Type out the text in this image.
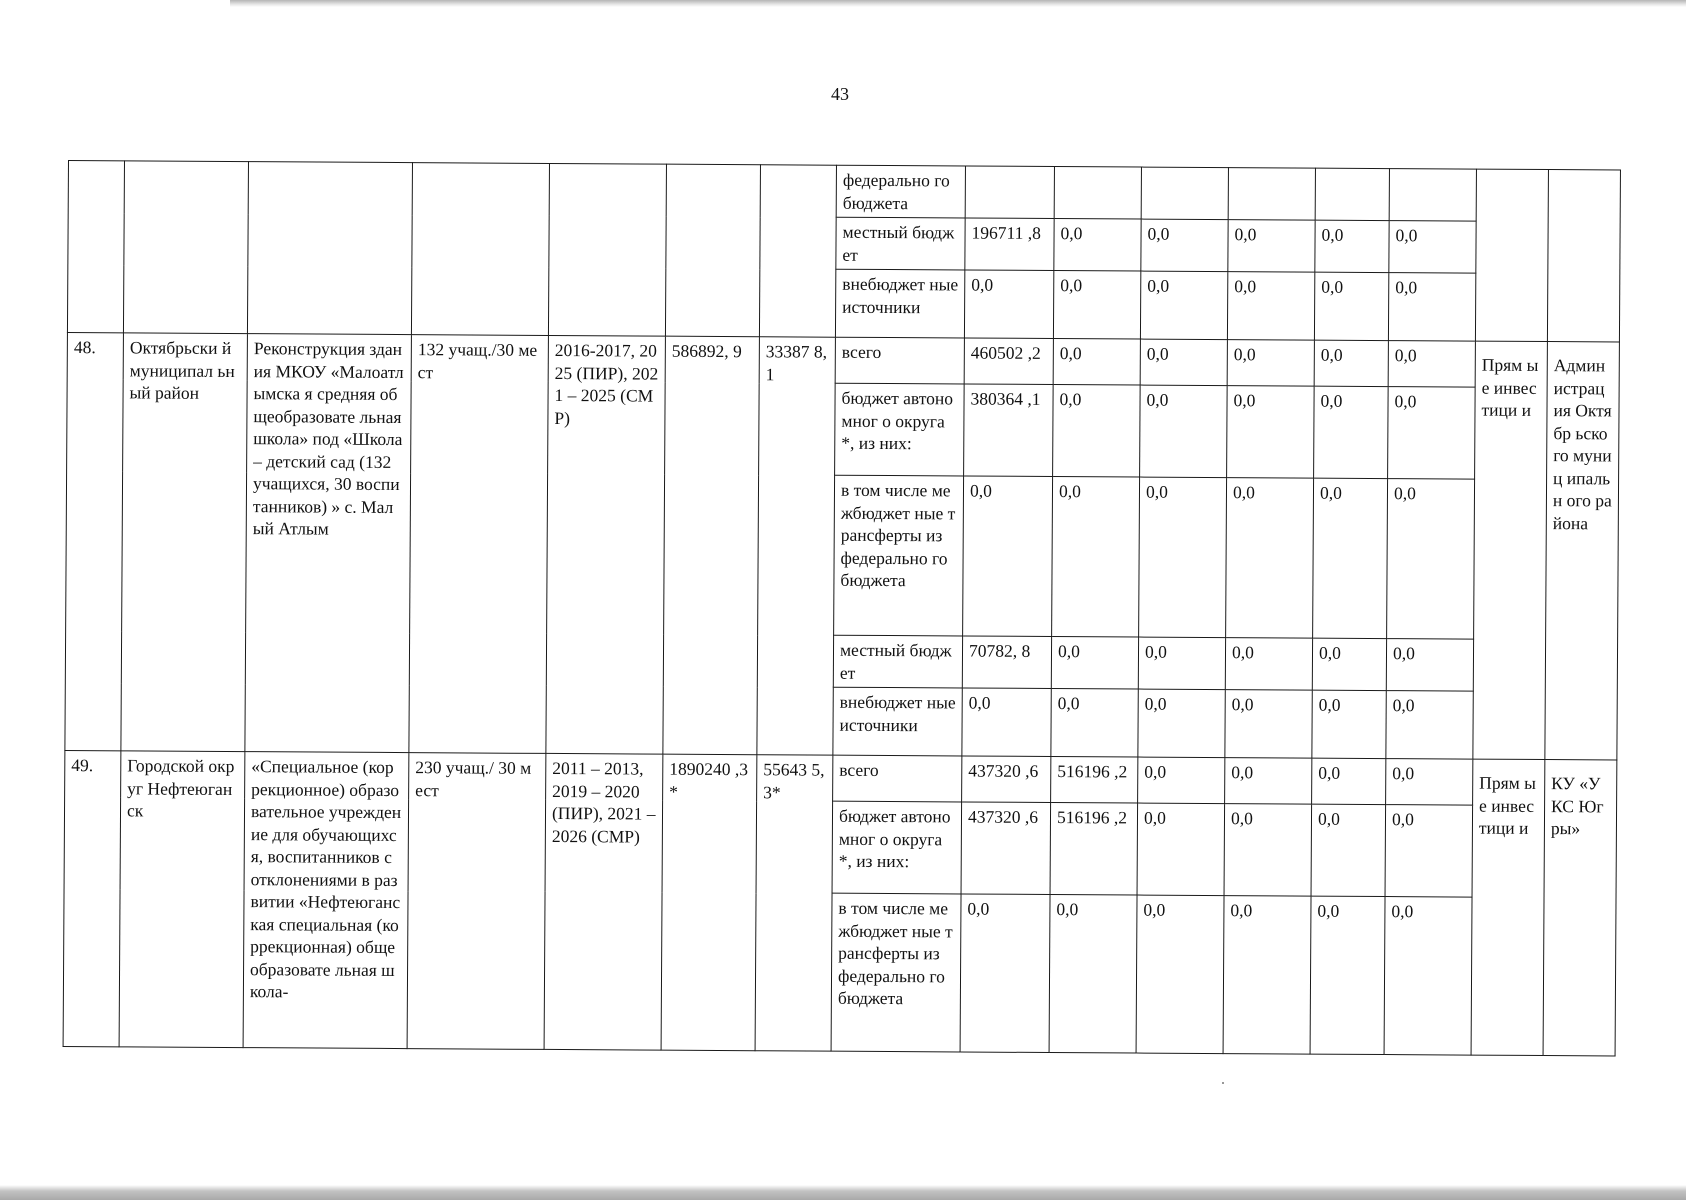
43
							федерально го бюджета								
							местный бюджет	196711 ,8	0,0	0,0	0,0	0,0	0,0		
							внебюджет ные источники	0,0	0,0	0,0	0,0	0,0	0,0		
48.	Октябрьски й муниципал ьный район	Реконструкция здания МКОУ «Малоатлымска я средняя общеобразовате льная школа» под «Школа – детский сад (132 учащихся, 30 воспитанников) » с. Малый Атлым	132 учащ./30 мест	2016-2017, 2025 (ПИР), 2021 – 2025 (СМР)	586892, 9	33387 8,1	всего	460502 ,2	0,0	0,0	0,0	0,0	0,0	Прям ые инвес тици и	Админ истрац ия Октябр ьского муниц ипальн ого района
							бюджет автономног о округа*, из них:	380364 ,1	0,0	0,0	0,0	0,0	0,0		
							в том числе межбюджет ные трансферты из федерально го бюджета	0,0	0,0	0,0	0,0	0,0	0,0		
							местный бюджет	70782, 8	0,0	0,0	0,0	0,0	0,0		
							внебюджет ные источники	0,0	0,0	0,0	0,0	0,0	0,0		
49.	Городской округ Нефтеюган ск	«Специальное (коррекционное) образовательное учреждение для обучающихся, воспитанников с отклонениями в развитии «Нефтеюганская специальная (коррекционная) общеобразовате льная школа-	230 учащ./ 30 мест	2011 – 2013, 2019 – 2020 (ПИР), 2021 – 2026 (СМР)	1890240 ,3*	55643 5,3*	всего	437320 ,6	516196 ,2	0,0	0,0	0,0	0,0	Прям ые инвес тици и	КУ «УКС Югры»
							бюджет автономног о округа*, из них:	437320 ,6	516196 ,2	0,0	0,0	0,0	0,0		
							в том числе межбюджет ные трансферты из федерально го бюджета	0,0	0,0	0,0	0,0	0,0	0,0		
